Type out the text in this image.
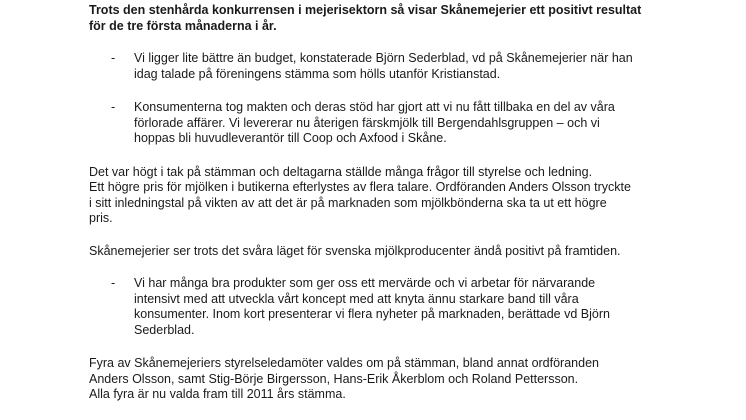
Trots den stenhårda konkurrensen i mejerisektorn så visar Skånemejerier ett positivt resultat
för de tre första månaderna i år.
- Vi ligger lite bättre än budget, konstaterade Björn Sederblad, vd på Skånemejerier när han
idag talade på föreningens stämma som hölls utanför Kristianstad.
- Konsumenterna tog makten och deras stöd har gjort att vi nu fått tillbaka en del av våra
förlorade affärer. Vi levererar nu återigen färskmjölk till Bergendahlsgruppen – och vi
hoppas bli huvudleverantör till Coop och Axfood i Skåne.

Det var högt i tak på stämman och deltagarna ställde många frågor till styrelse och ledning.
Ett högre pris för mjölken i butikerna efterlystes av flera talare. Ordföranden Anders Olsson tryckte
i sitt inledningstal på vikten av att det är på marknaden som mjölkbönderna ska ta ut ett högre
pris.

Skånemejerier ser trots det svåra läget för svenska mjölkproducenter ändå positivt på framtiden.

- Vi har många bra produkter som ger oss ett mervärde och vi arbetar för närvarande
intensivt med att utveckla vårt koncept med att knyta ännu starkare band till våra
konsumenter. Inom kort presenterar vi flera nyheter på marknaden, berättade vd Björn
Sederblad.

Fyra av Skånemejeriers styrelseledamöter valdes om på stämman, bland annat ordföranden
Anders Olsson, samt Stig-Börje Birgersson, Hans-Erik Åkerblom och Roland Pettersson.
Alla fyra är nu valda fram till 2011 års stämma.
